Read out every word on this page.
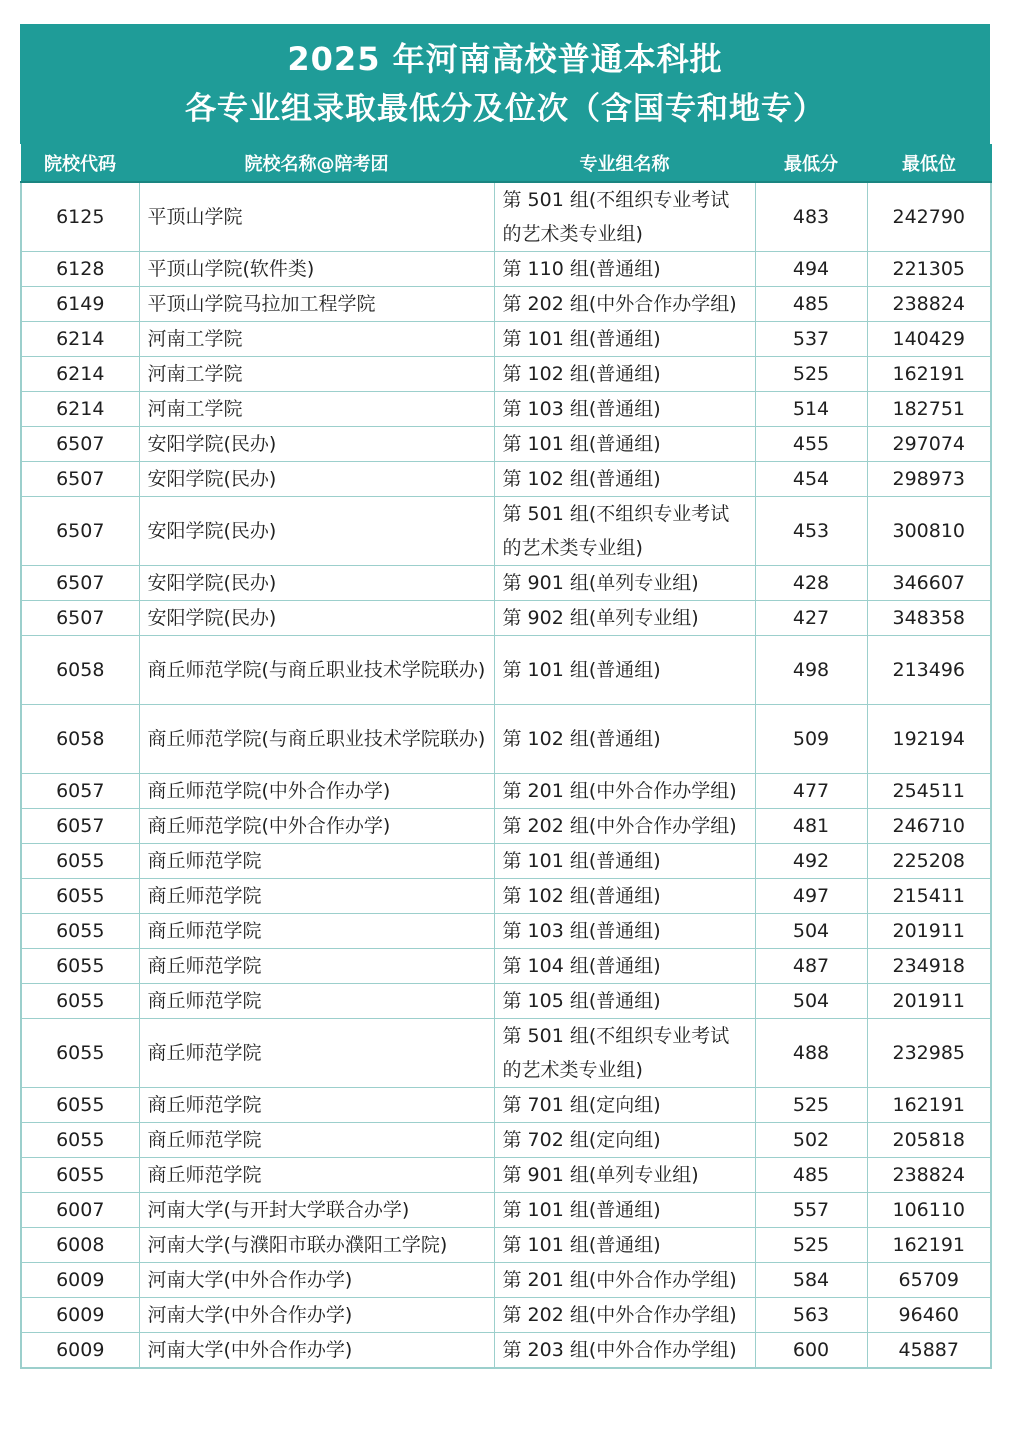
2025 年河南高校普通本科批
各专业组录取最低分及位次（含国专和地专）
院校代码	院校名称@陪考团	专业组名称	最低分	最低位
6125	平顶山学院	第 501 组(不组织专业考试的艺术类专业组)	483	242790
6128	平顶山学院(软件类)	第 110 组(普通组)	494	221305
6149	平顶山学院马拉加工程学院	第 202 组(中外合作办学组)	485	238824
6214	河南工学院	第 101 组(普通组)	537	140429
6214	河南工学院	第 102 组(普通组)	525	162191
6214	河南工学院	第 103 组(普通组)	514	182751
6507	安阳学院(民办)	第 101 组(普通组)	455	297074
6507	安阳学院(民办)	第 102 组(普通组)	454	298973
6507	安阳学院(民办)	第 501 组(不组织专业考试的艺术类专业组)	453	300810
6507	安阳学院(民办)	第 901 组(单列专业组)	428	346607
6507	安阳学院(民办)	第 902 组(单列专业组)	427	348358
6058	商丘师范学院(与商丘职业技术学院联办)	第 101 组(普通组)	498	213496
6058	商丘师范学院(与商丘职业技术学院联办)	第 102 组(普通组)	509	192194
6057	商丘师范学院(中外合作办学)	第 201 组(中外合作办学组)	477	254511
6057	商丘师范学院(中外合作办学)	第 202 组(中外合作办学组)	481	246710
6055	商丘师范学院	第 101 组(普通组)	492	225208
6055	商丘师范学院	第 102 组(普通组)	497	215411
6055	商丘师范学院	第 103 组(普通组)	504	201911
6055	商丘师范学院	第 104 组(普通组)	487	234918
6055	商丘师范学院	第 105 组(普通组)	504	201911
6055	商丘师范学院	第 501 组(不组织专业考试的艺术类专业组)	488	232985
6055	商丘师范学院	第 701 组(定向组)	525	162191
6055	商丘师范学院	第 702 组(定向组)	502	205818
6055	商丘师范学院	第 901 组(单列专业组)	485	238824
6007	河南大学(与开封大学联合办学)	第 101 组(普通组)	557	106110
6008	河南大学(与濮阳市联办濮阳工学院)	第 101 组(普通组)	525	162191
6009	河南大学(中外合作办学)	第 201 组(中外合作办学组)	584	65709
6009	河南大学(中外合作办学)	第 202 组(中外合作办学组)	563	96460
6009	河南大学(中外合作办学)	第 203 组(中外合作办学组)	600	45887
